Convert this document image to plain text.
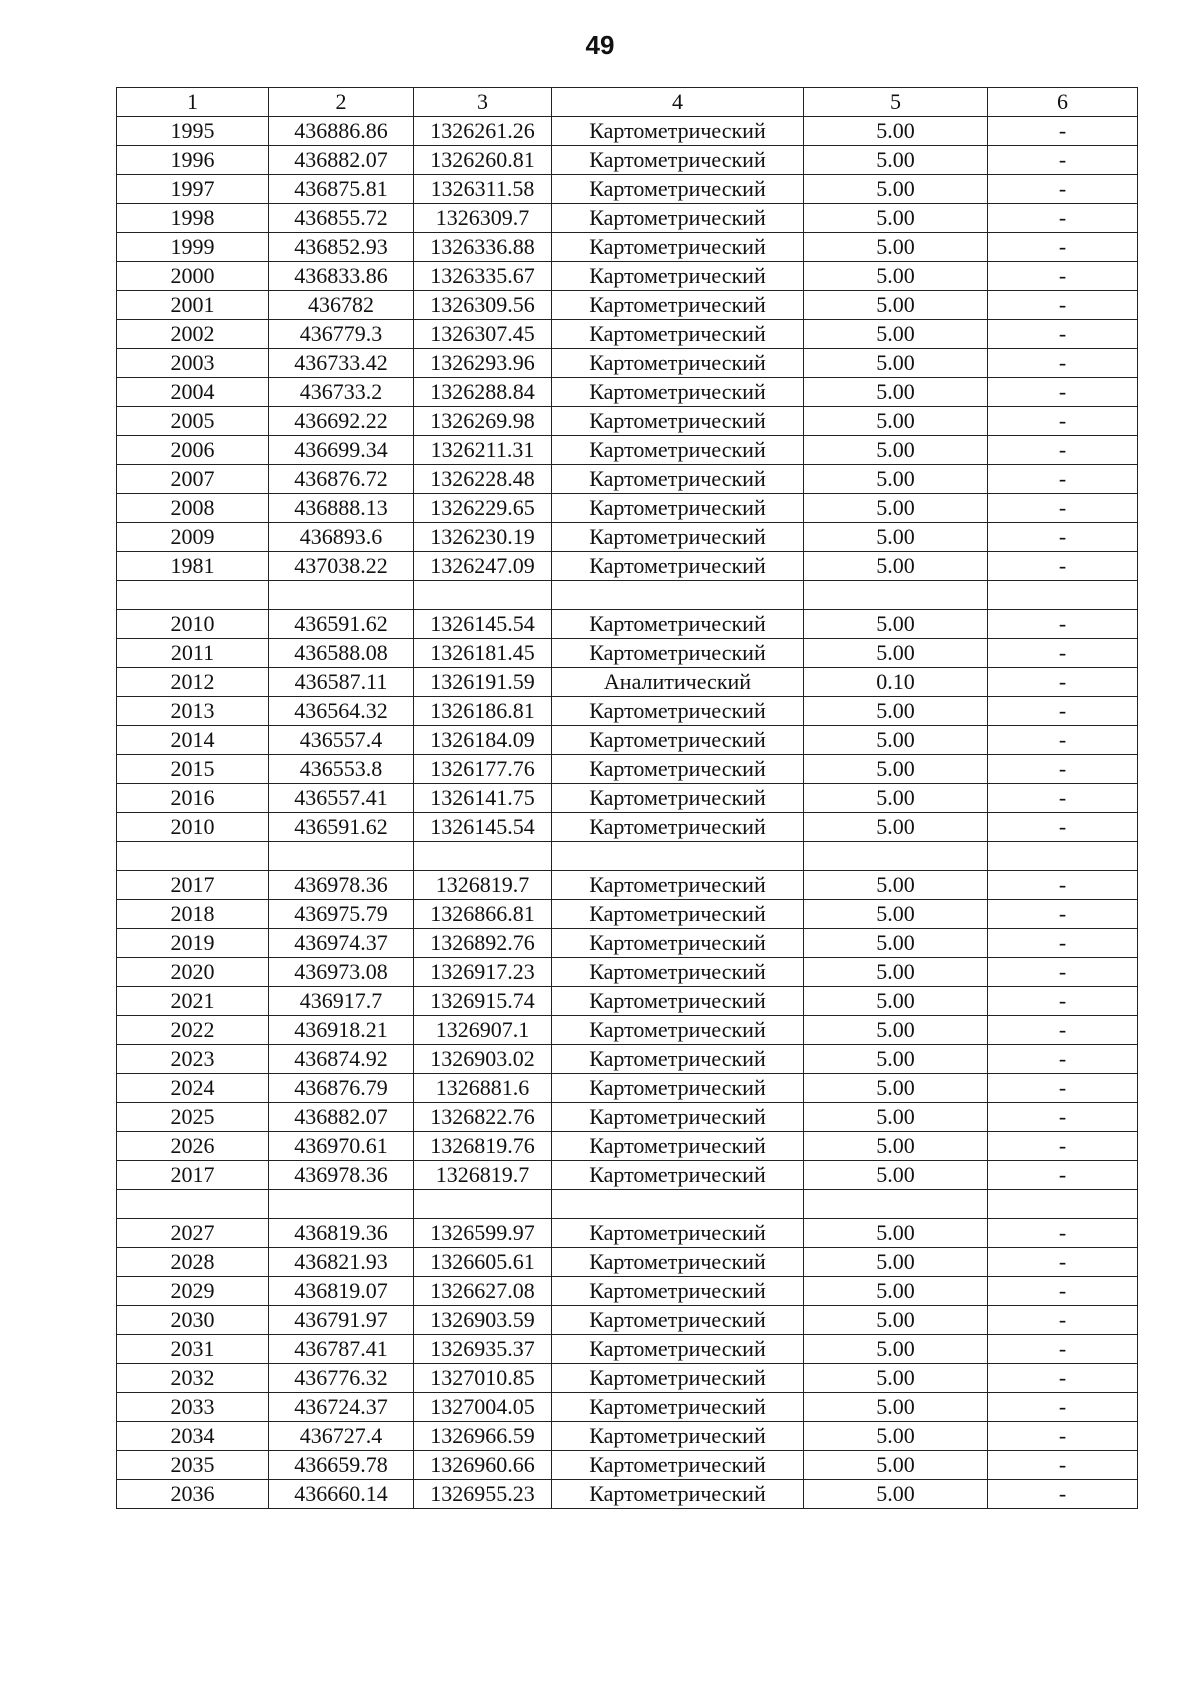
49
1	2	3	4	5	6
1995	436886.86	1326261.26	Картометрический	5.00	-
1996	436882.07	1326260.81	Картометрический	5.00	-
1997	436875.81	1326311.58	Картометрический	5.00	-
1998	436855.72	1326309.7	Картометрический	5.00	-
1999	436852.93	1326336.88	Картометрический	5.00	-
2000	436833.86	1326335.67	Картометрический	5.00	-
2001	436782	1326309.56	Картометрический	5.00	-
2002	436779.3	1326307.45	Картометрический	5.00	-
2003	436733.42	1326293.96	Картометрический	5.00	-
2004	436733.2	1326288.84	Картометрический	5.00	-
2005	436692.22	1326269.98	Картометрический	5.00	-
2006	436699.34	1326211.31	Картометрический	5.00	-
2007	436876.72	1326228.48	Картометрический	5.00	-
2008	436888.13	1326229.65	Картометрический	5.00	-
2009	436893.6	1326230.19	Картометрический	5.00	-
1981	437038.22	1326247.09	Картометрический	5.00	-

2010	436591.62	1326145.54	Картометрический	5.00	-
2011	436588.08	1326181.45	Картометрический	5.00	-
2012	436587.11	1326191.59	Аналитический	0.10	-
2013	436564.32	1326186.81	Картометрический	5.00	-
2014	436557.4	1326184.09	Картометрический	5.00	-
2015	436553.8	1326177.76	Картометрический	5.00	-
2016	436557.41	1326141.75	Картометрический	5.00	-
2010	436591.62	1326145.54	Картометрический	5.00	-

2017	436978.36	1326819.7	Картометрический	5.00	-
2018	436975.79	1326866.81	Картометрический	5.00	-
2019	436974.37	1326892.76	Картометрический	5.00	-
2020	436973.08	1326917.23	Картометрический	5.00	-
2021	436917.7	1326915.74	Картометрический	5.00	-
2022	436918.21	1326907.1	Картометрический	5.00	-
2023	436874.92	1326903.02	Картометрический	5.00	-
2024	436876.79	1326881.6	Картометрический	5.00	-
2025	436882.07	1326822.76	Картометрический	5.00	-
2026	436970.61	1326819.76	Картометрический	5.00	-
2017	436978.36	1326819.7	Картометрический	5.00	-

2027	436819.36	1326599.97	Картометрический	5.00	-
2028	436821.93	1326605.61	Картометрический	5.00	-
2029	436819.07	1326627.08	Картометрический	5.00	-
2030	436791.97	1326903.59	Картометрический	5.00	-
2031	436787.41	1326935.37	Картометрический	5.00	-
2032	436776.32	1327010.85	Картометрический	5.00	-
2033	436724.37	1327004.05	Картометрический	5.00	-
2034	436727.4	1326966.59	Картометрический	5.00	-
2035	436659.78	1326960.66	Картометрический	5.00	-
2036	436660.14	1326955.23	Картометрический	5.00	-
